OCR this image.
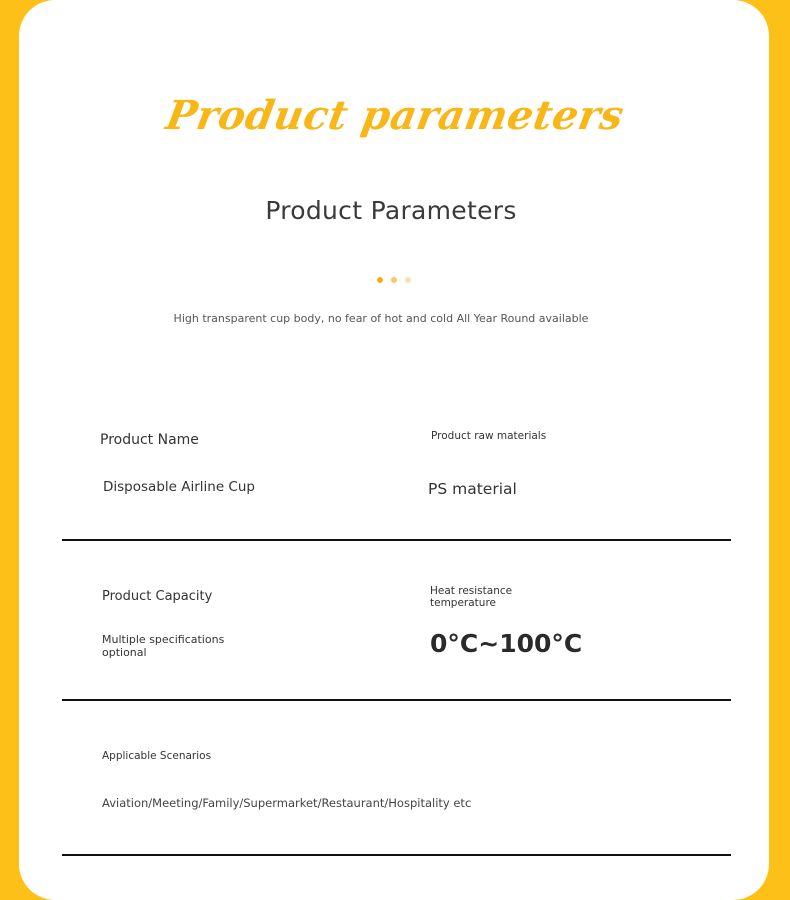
Product parameters
Product Parameters
High transparent cup body, no fear of hot and cold All Year Round available
Product Name
Disposable Airline Cup
Product raw materials
PS material
Product Capacity
Multiple specifications optional
Heat resistance temperature
0°C~100°C
Applicable Scenarios
Aviation/Meeting/Family/Supermarket/Restaurant/Hospitality etc
